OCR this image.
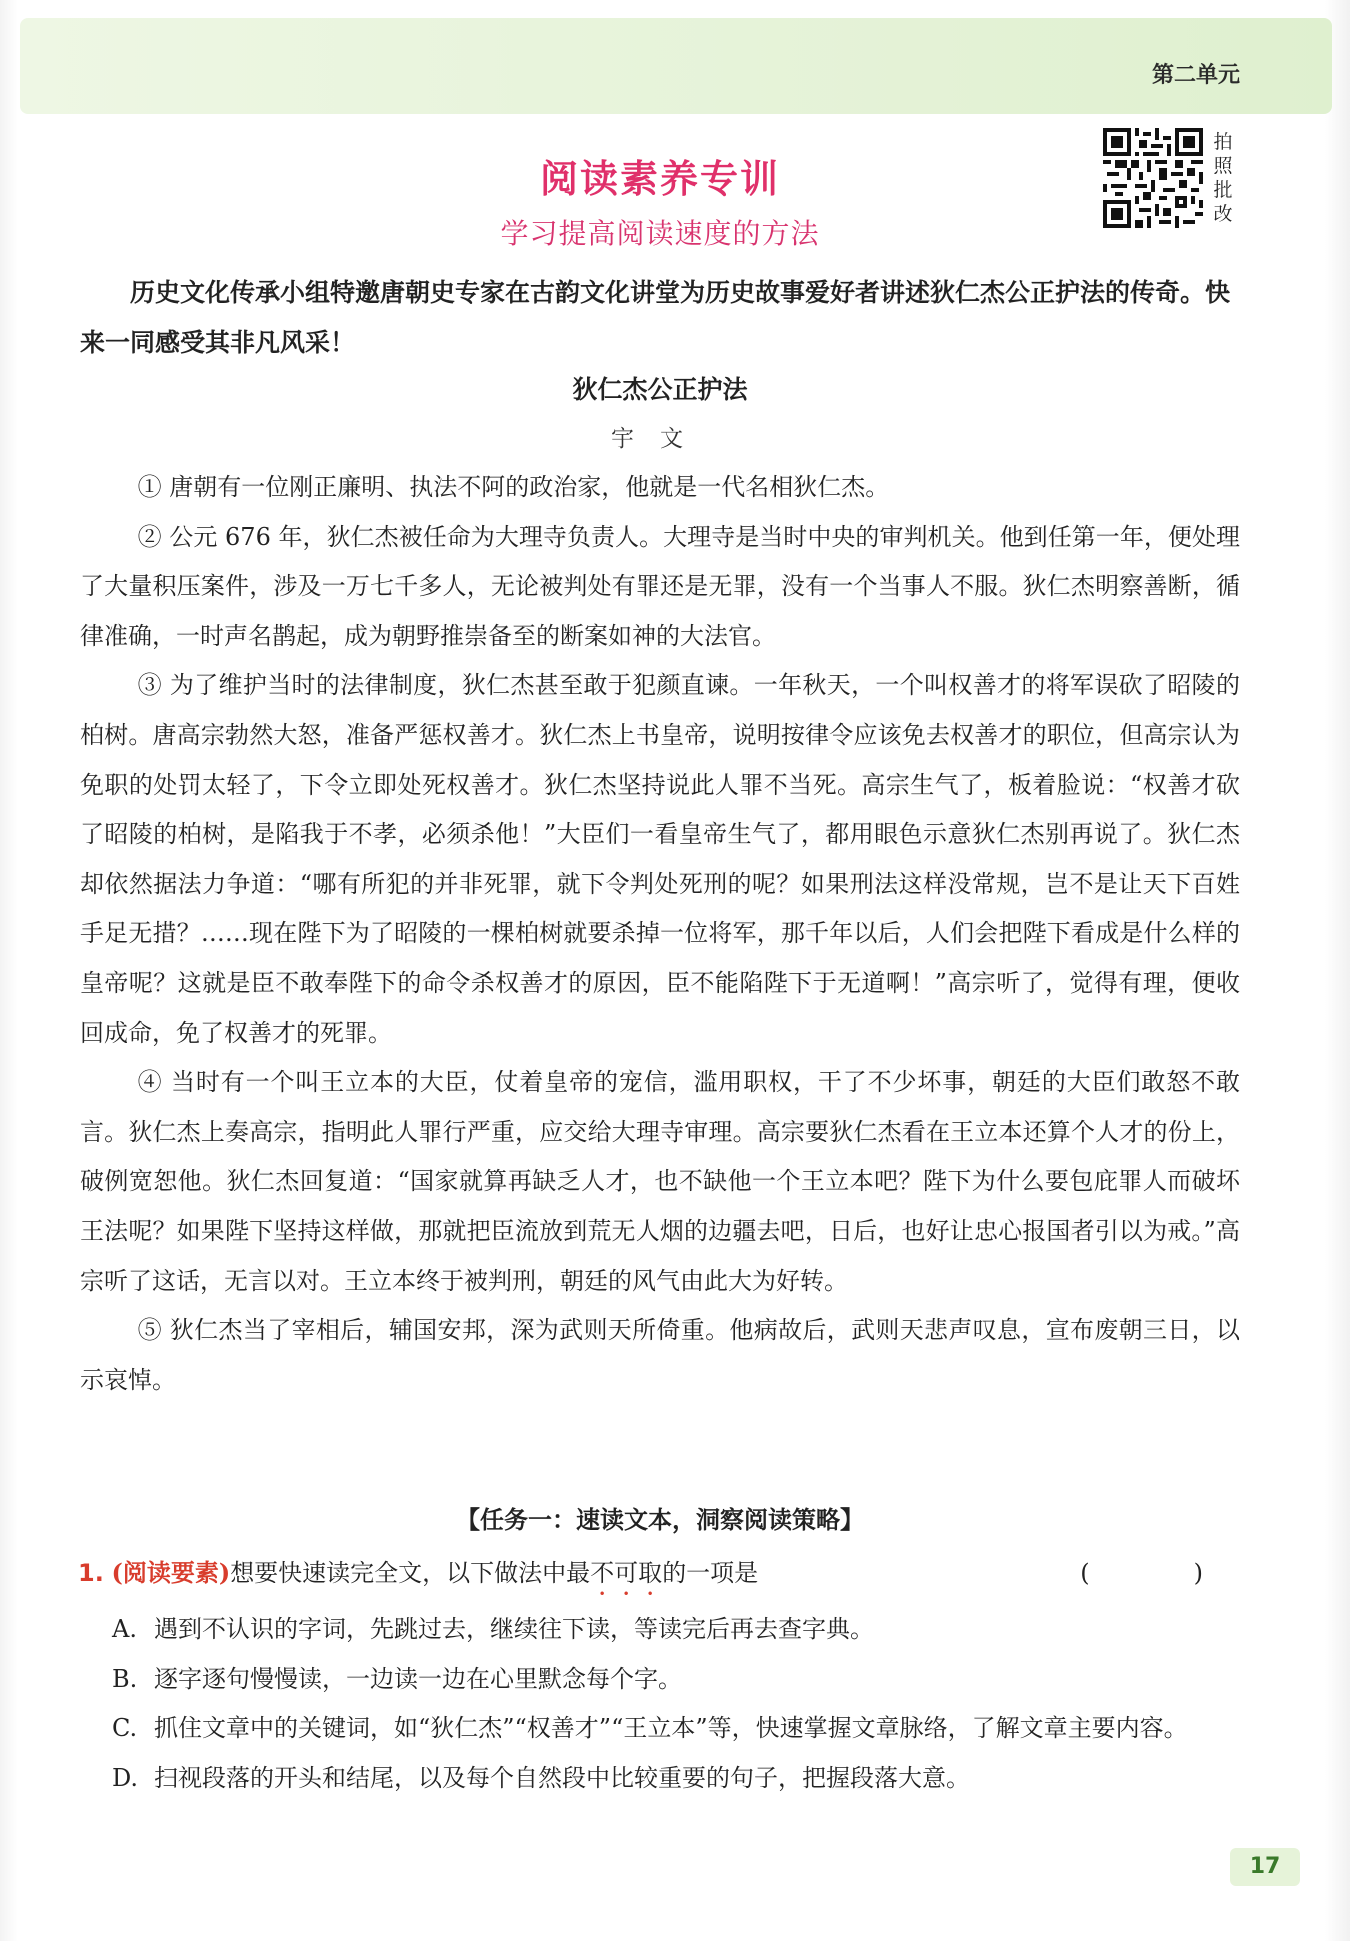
第二单元
拍
照
批
改
阅读素养专训
学习提高阅读速度的方法
历史文化传承小组特邀唐朝史专家在古韵文化讲堂为历史故事爱好者讲述狄仁杰公正护法的传奇。快来一同感受其非凡风采！
狄仁杰公正护法
宇文

① 唐朝有一位刚正廉明、执法不阿的政治家，他就是一代名相狄仁杰。

② 公元 676 年，狄仁杰被任命为大理寺负责人。大理寺是当时中央的审判机关。他到任第一年，便处理了大量积压案件，涉及一万七千多人，无论被判处有罪还是无罪，没有一个当事人不服。狄仁杰明察善断，循律准确，一时声名鹊起，成为朝野推崇备至的断案如神的大法官。

③ 为了维护当时的法律制度，狄仁杰甚至敢于犯颜直谏。一年秋天，一个叫权善才的将军误砍了昭陵的柏树。唐高宗勃然大怒，准备严惩权善才。狄仁杰上书皇帝，说明按律令应该免去权善才的职位，但高宗认为免职的处罚太轻了，下令立即处死权善才。狄仁杰坚持说此人罪不当死。高宗生气了，板着脸说：“权善才砍了昭陵的柏树，是陷我于不孝，必须杀他！”大臣们一看皇帝生气了，都用眼色示意狄仁杰别再说了。狄仁杰却依然据法力争道：“哪有所犯的并非死罪，就下令判处死刑的呢？如果刑法这样没常规，岂不是让天下百姓手足无措？……现在陛下为了昭陵的一棵柏树就要杀掉一位将军，那千年以后，人们会把陛下看成是什么样的皇帝呢？这就是臣不敢奉陛下的命令杀权善才的原因，臣不能陷陛下于无道啊！”高宗听了，觉得有理，便收回成命，免了权善才的死罪。

④ 当时有一个叫王立本的大臣，仗着皇帝的宠信，滥用职权，干了不少坏事，朝廷的大臣们敢怒不敢言。狄仁杰上奏高宗，指明此人罪行严重，应交给大理寺审理。高宗要狄仁杰看在王立本还算个人才的份上，破例宽恕他。狄仁杰回复道：“国家就算再缺乏人才，也不缺他一个王立本吧？陛下为什么要包庇罪人而破坏王法呢？如果陛下坚持这样做，那就把臣流放到荒无人烟的边疆去吧，日后，也好让忠心报国者引以为戒。”高宗听了这话，无言以对。王立本终于被判刑，朝廷的风气由此大为好转。

⑤ 狄仁杰当了宰相后，辅国安邦，深为武则天所倚重。他病故后，武则天悲声叹息，宣布废朝三日，以示哀悼。

【任务一：速读文本，洞察阅读策略】
1. (阅读要素)想要快速读完全文，以下做法中最不可取的一项是	(　)
A. 遇到不认识的字词，先跳过去，继续往下读，等读完后再去查字典。
B. 逐字逐句慢慢读，一边读一边在心里默念每个字。
C. 抓住文章中的关键词，如“狄仁杰”“权善才”“王立本”等，快速掌握文章脉络，了解文章主要内容。
D. 扫视段落的开头和结尾，以及每个自然段中比较重要的句子，把握段落大意。
17
